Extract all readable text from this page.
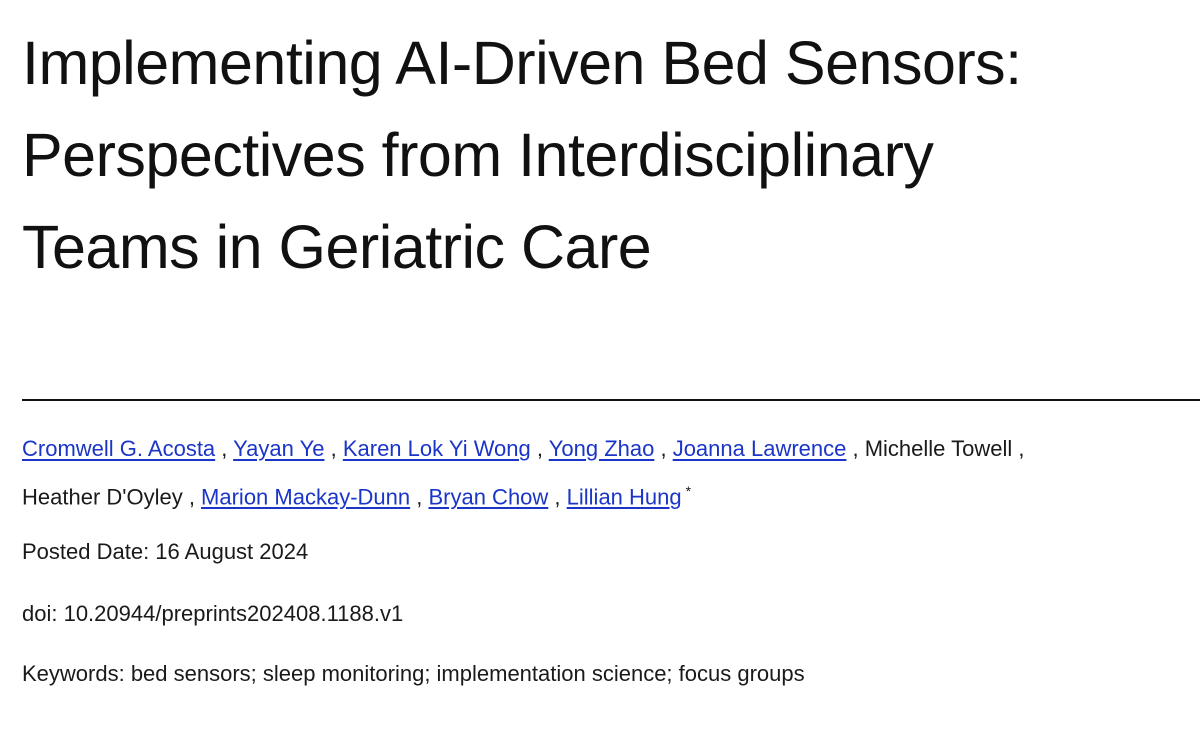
Implementing AI-Driven Bed Sensors:
Perspectives from Interdisciplinary
Teams in Geriatric Care
Cromwell G. Acosta , Yayan Ye , Karen Lok Yi Wong , Yong Zhao , Joanna Lawrence , Michelle Towell ,
Heather D'Oyley , Marion Mackay-Dunn , Bryan Chow , Lillian Hung *
Posted Date: 16 August 2024
doi: 10.20944/preprints202408.1188.v1
Keywords: bed sensors; sleep monitoring; implementation science; focus groups
